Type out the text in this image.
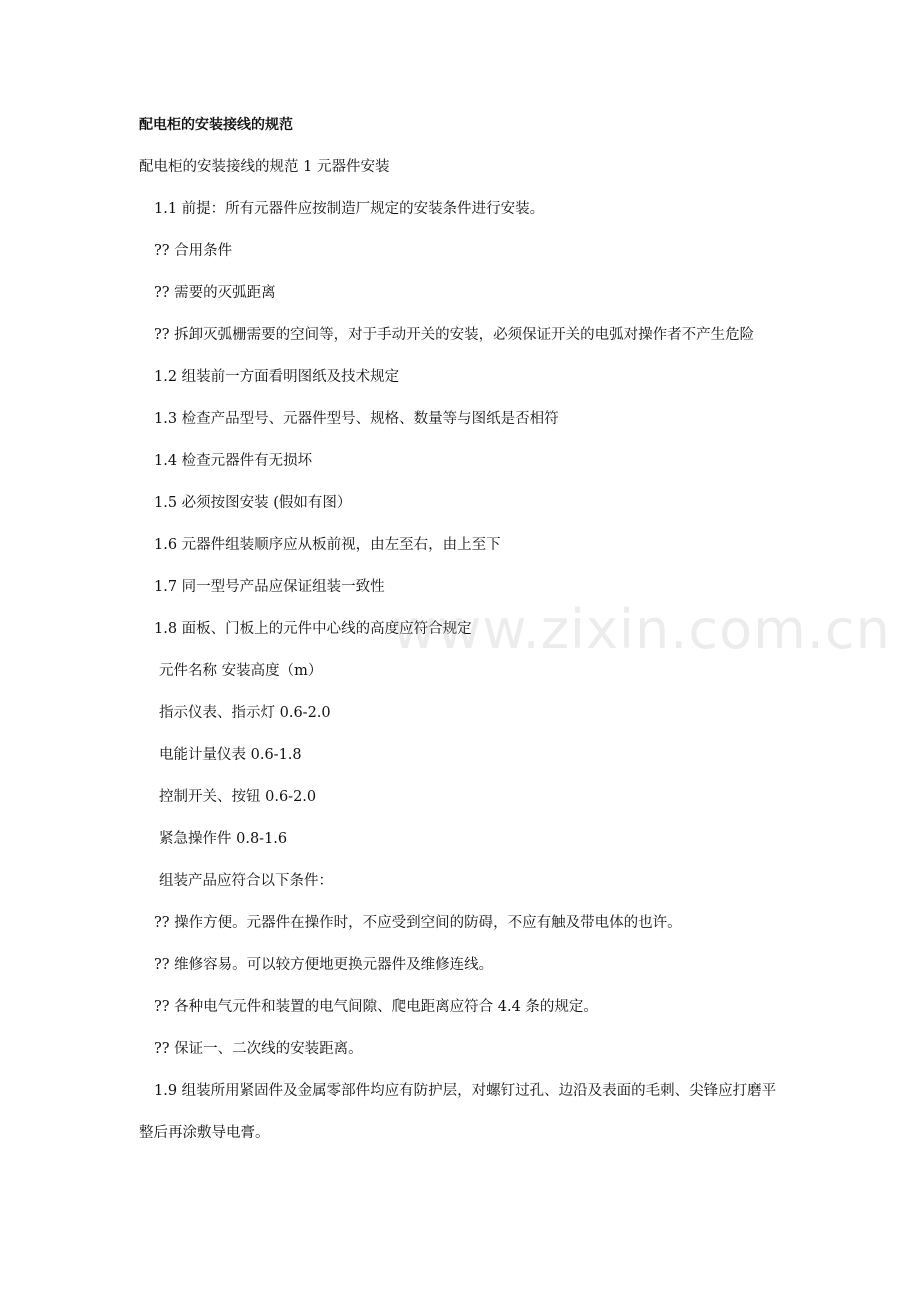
www.zixin.com.cn
配电柜的安装接线的规范
配电柜的安装接线的规范 1 元器件安装
1.1 前提：所有元器件应按制造厂规定的安装条件进行安装。
?? 合用条件
?? 需要的灭弧距离
?? 拆卸灭弧栅需要的空间等，对于手动开关的安装，必须保证开关的电弧对操作者不产生危险
1.2 组装前一方面看明图纸及技术规定
1.3 检查产品型号、元器件型号、规格、数量等与图纸是否相符
1.4 检查元器件有无损坏
1.5 必须按图安装 (假如有图）
1.6 元器件组装顺序应从板前视，由左至右，由上至下
1.7 同一型号产品应保证组装一致性
1.8 面板、门板上的元件中心线的高度应符合规定
元件名称 安装高度（m）
指示仪表、指示灯 0.6-2.0
电能计量仪表 0.6-1.8
控制开关、按钮 0.6-2.0
紧急操作件 0.8-1.6
组装产品应符合以下条件：
?? 操作方便。元器件在操作时，不应受到空间的防碍，不应有触及带电体的也许。
?? 维修容易。可以较方便地更换元器件及维修连线。
?? 各种电气元件和装置的电气间隙、爬电距离应符合 4.4 条的规定。
?? 保证一、二次线的安装距离。
1.9 组装所用紧固件及金属零部件均应有防护层，对螺钉过孔、边沿及表面的毛刺、尖锋应打磨平整后再涂敷导电膏。
